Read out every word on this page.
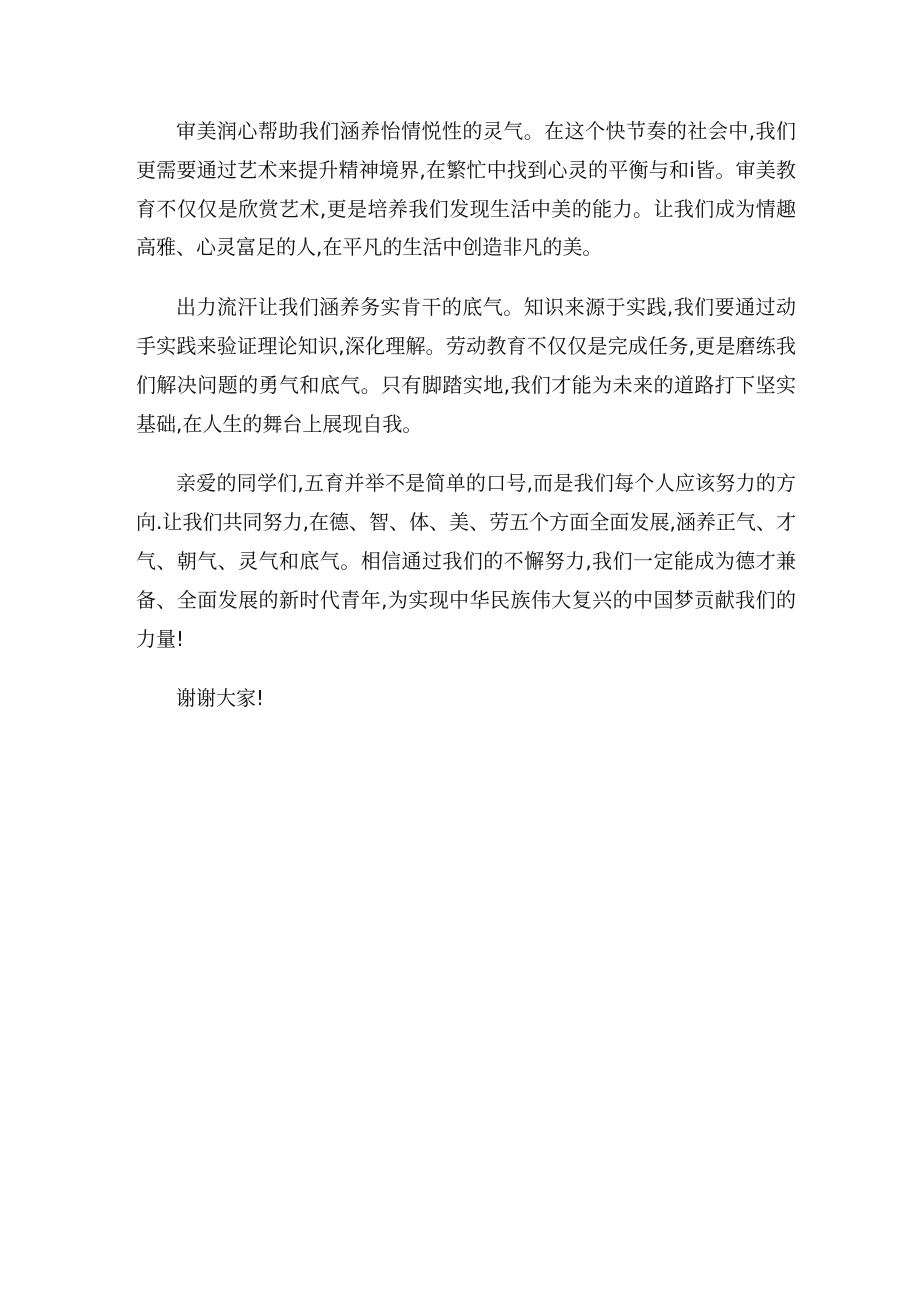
审美润心帮助我们涵养怡情悦性的灵气。在这个快节奏的社会中,我们更需要通过艺术来提升精神境界,在繁忙中找到心灵的平衡与和i皆。审美教育不仅仅是欣赏艺术,更是培养我们发现生活中美的能力。让我们成为情趣高雅、心灵富足的人,在平凡的生活中创造非凡的美。

出力流汗让我们涵养务实肯干的底气。知识来源于实践,我们要通过动手实践来验证理论知识,深化理解。劳动教育不仅仅是完成任务,更是磨练我们解决问题的勇气和底气。只有脚踏实地,我们才能为未来的道路打下坚实基础,在人生的舞台上展现自我。

亲爱的同学们,五育并举不是简单的口号,而是我们每个人应该努力的方向.让我们共同努力,在德、智、体、美、劳五个方面全面发展,涵养正气、才气、朝气、灵气和底气。相信通过我们的不懈努力,我们一定能成为德才兼备、全面发展的新时代青年,为实现中华民族伟大复兴的中国梦贡献我们的力量!

谢谢大家!
